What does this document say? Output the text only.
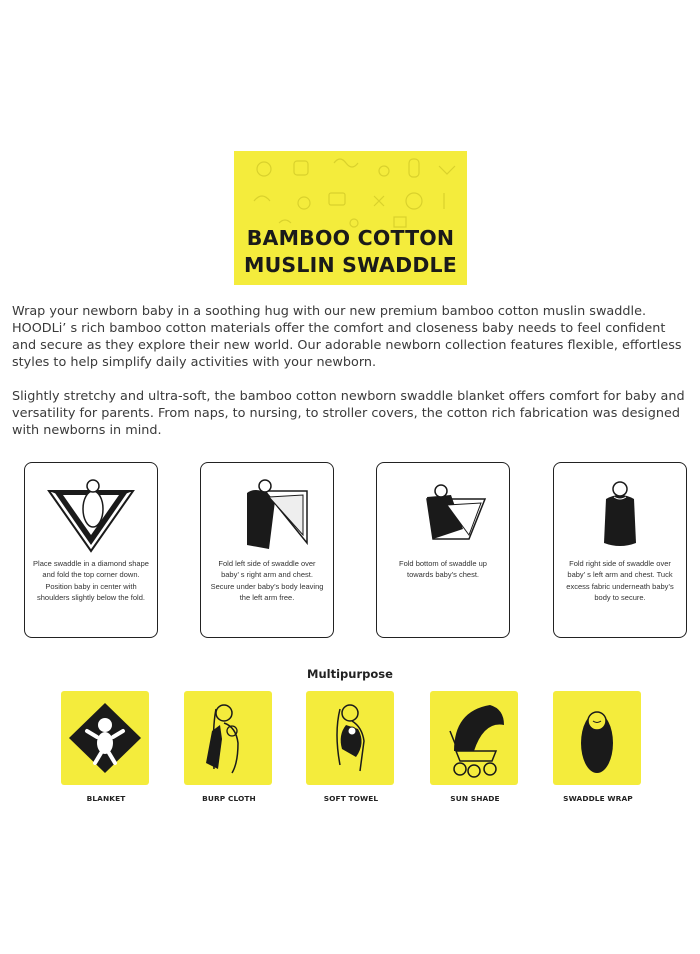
BAMBOO COTTON
MUSLIN SWADDLE

Wrap your newborn baby in a soothing hug with our new premium bamboo cotton muslin swaddle. HOODLi’ s rich bamboo cotton materials offer the comfort and closeness baby needs to feel confident and secure as they explore their new world. Our adorable newborn collection features flexible, effortless styles to help simplify daily activities with your newborn.

Slightly stretchy and ultra-soft, the bamboo cotton newborn swaddle blanket offers comfort for baby and versatility for parents. From naps, to nursing, to stroller covers, the cotton rich fabrication was designed with newborns in mind.

Place swaddle in a diamond shape and fold the top corner down. Position baby in center with shoulders slightly below the fold.
Fold left side of swaddle over baby’ s right arm and chest. Secure under baby’s body leaving the left arm free.
Fold bottom of swaddle up towards baby’s chest.
Fold right side of swaddle over baby’ s left arm and chest. Tuck excess fabric underneath baby’s body to secure.
Multipurpose
BLANKET	BURP CLOTH	SOFT TOWEL	SUN SHADE	SWADDLE WRAP
